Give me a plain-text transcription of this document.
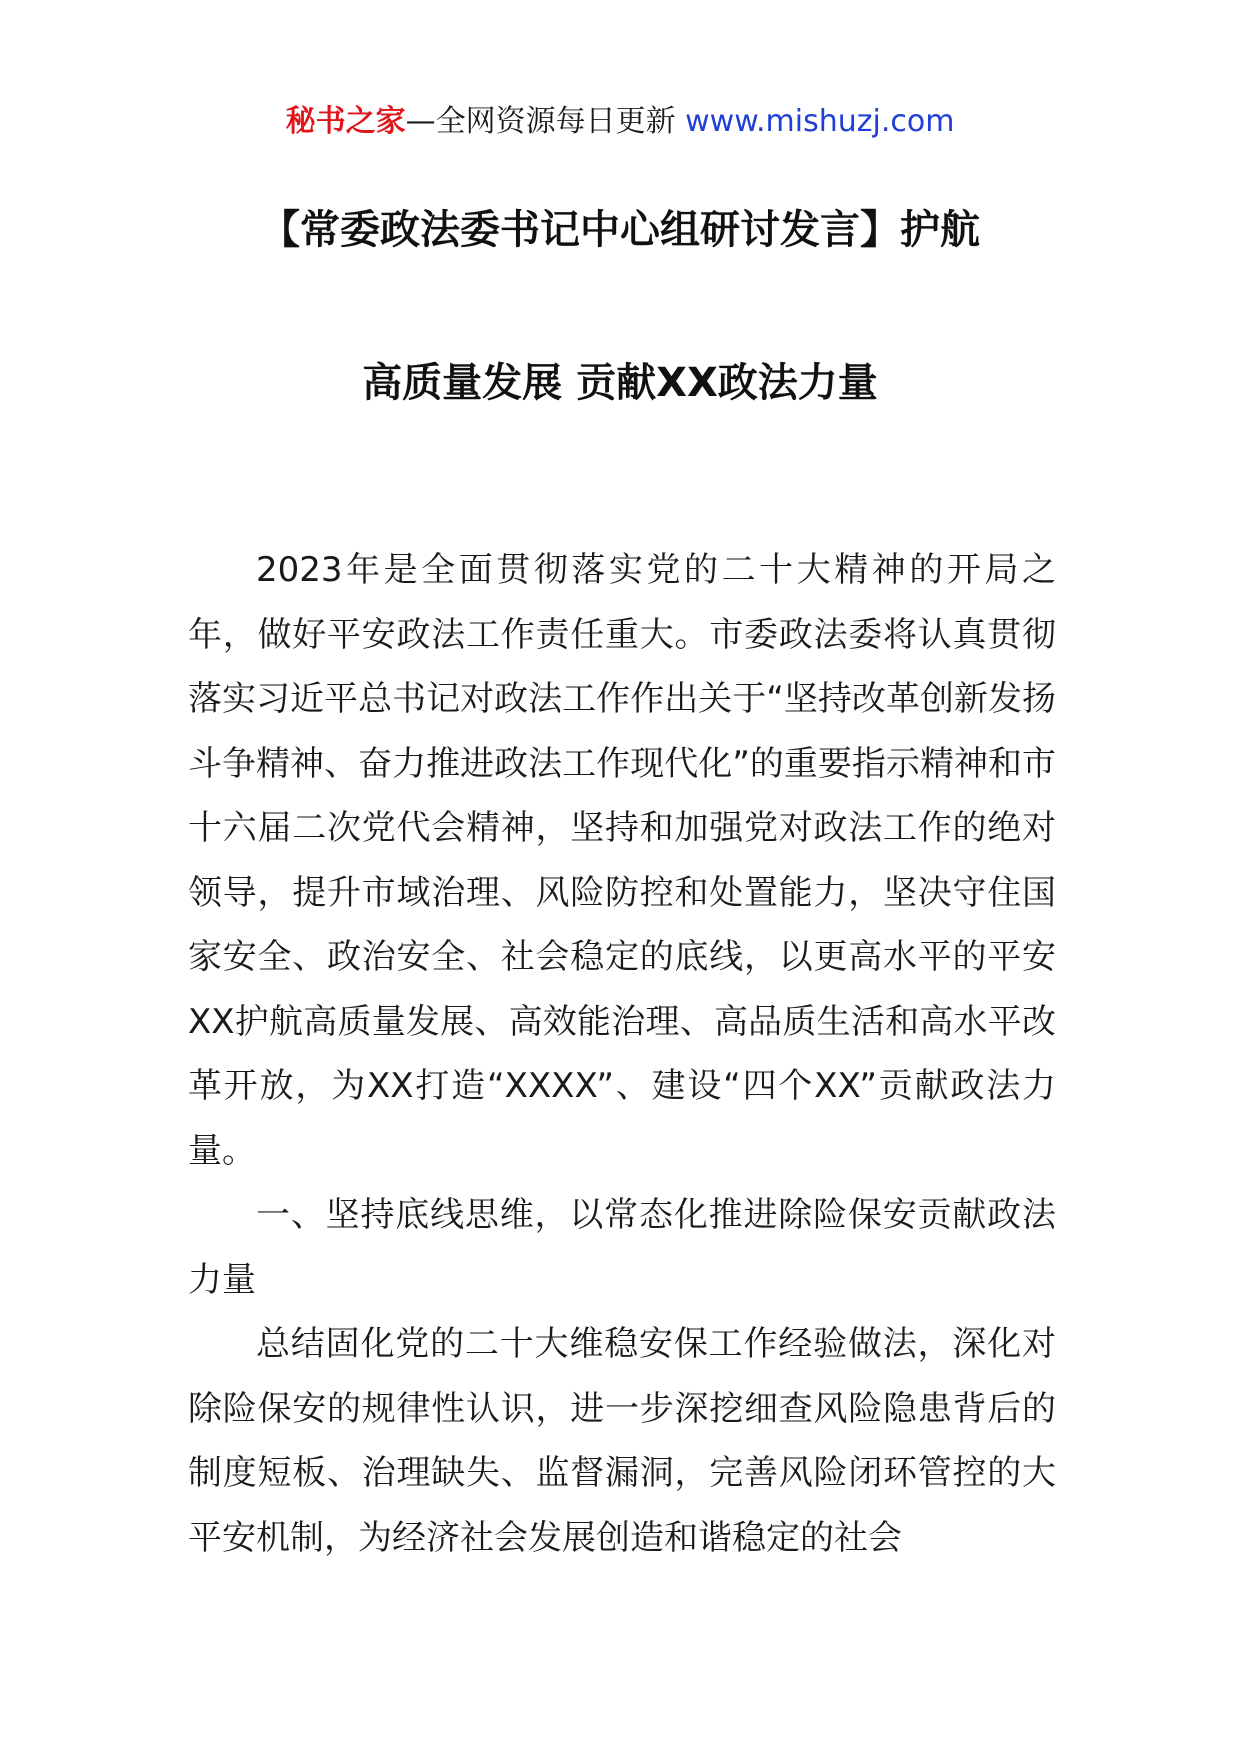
秘书之家—全网资源每日更新 www.mishuzj.com
【常委政法委书记中心组研讨发言】护航
高质量发展 贡献XX政法力量

2023年是全面贯彻落实党的二十大精神的开局之年，做好平安政法工作责任重大。市委政法委将认真贯彻落实习近平总书记对政法工作作出关于“坚持改革创新发扬斗争精神、奋力推进政法工作现代化”的重要指示精神和市十六届二次党代会精神，坚持和加强党对政法工作的绝对领导，提升市域治理、风险防控和处置能力，坚决守住国家安全、政治安全、社会稳定的底线，以更高水平的平安XX护航高质量发展、高效能治理、高品质生活和高水平改革开放，为XX打造“XXXX”、建设“四个XX”贡献政法力量。

一、坚持底线思维，以常态化推进除险保安贡献政法力量

总结固化党的二十大维稳安保工作经验做法，深化对除险保安的规律性认识，进一步深挖细查风险隐患背后的制度短板、治理缺失、监督漏洞，完善风险闭环管控的大平安机制，为经济社会发展创造和谐稳定的社会
